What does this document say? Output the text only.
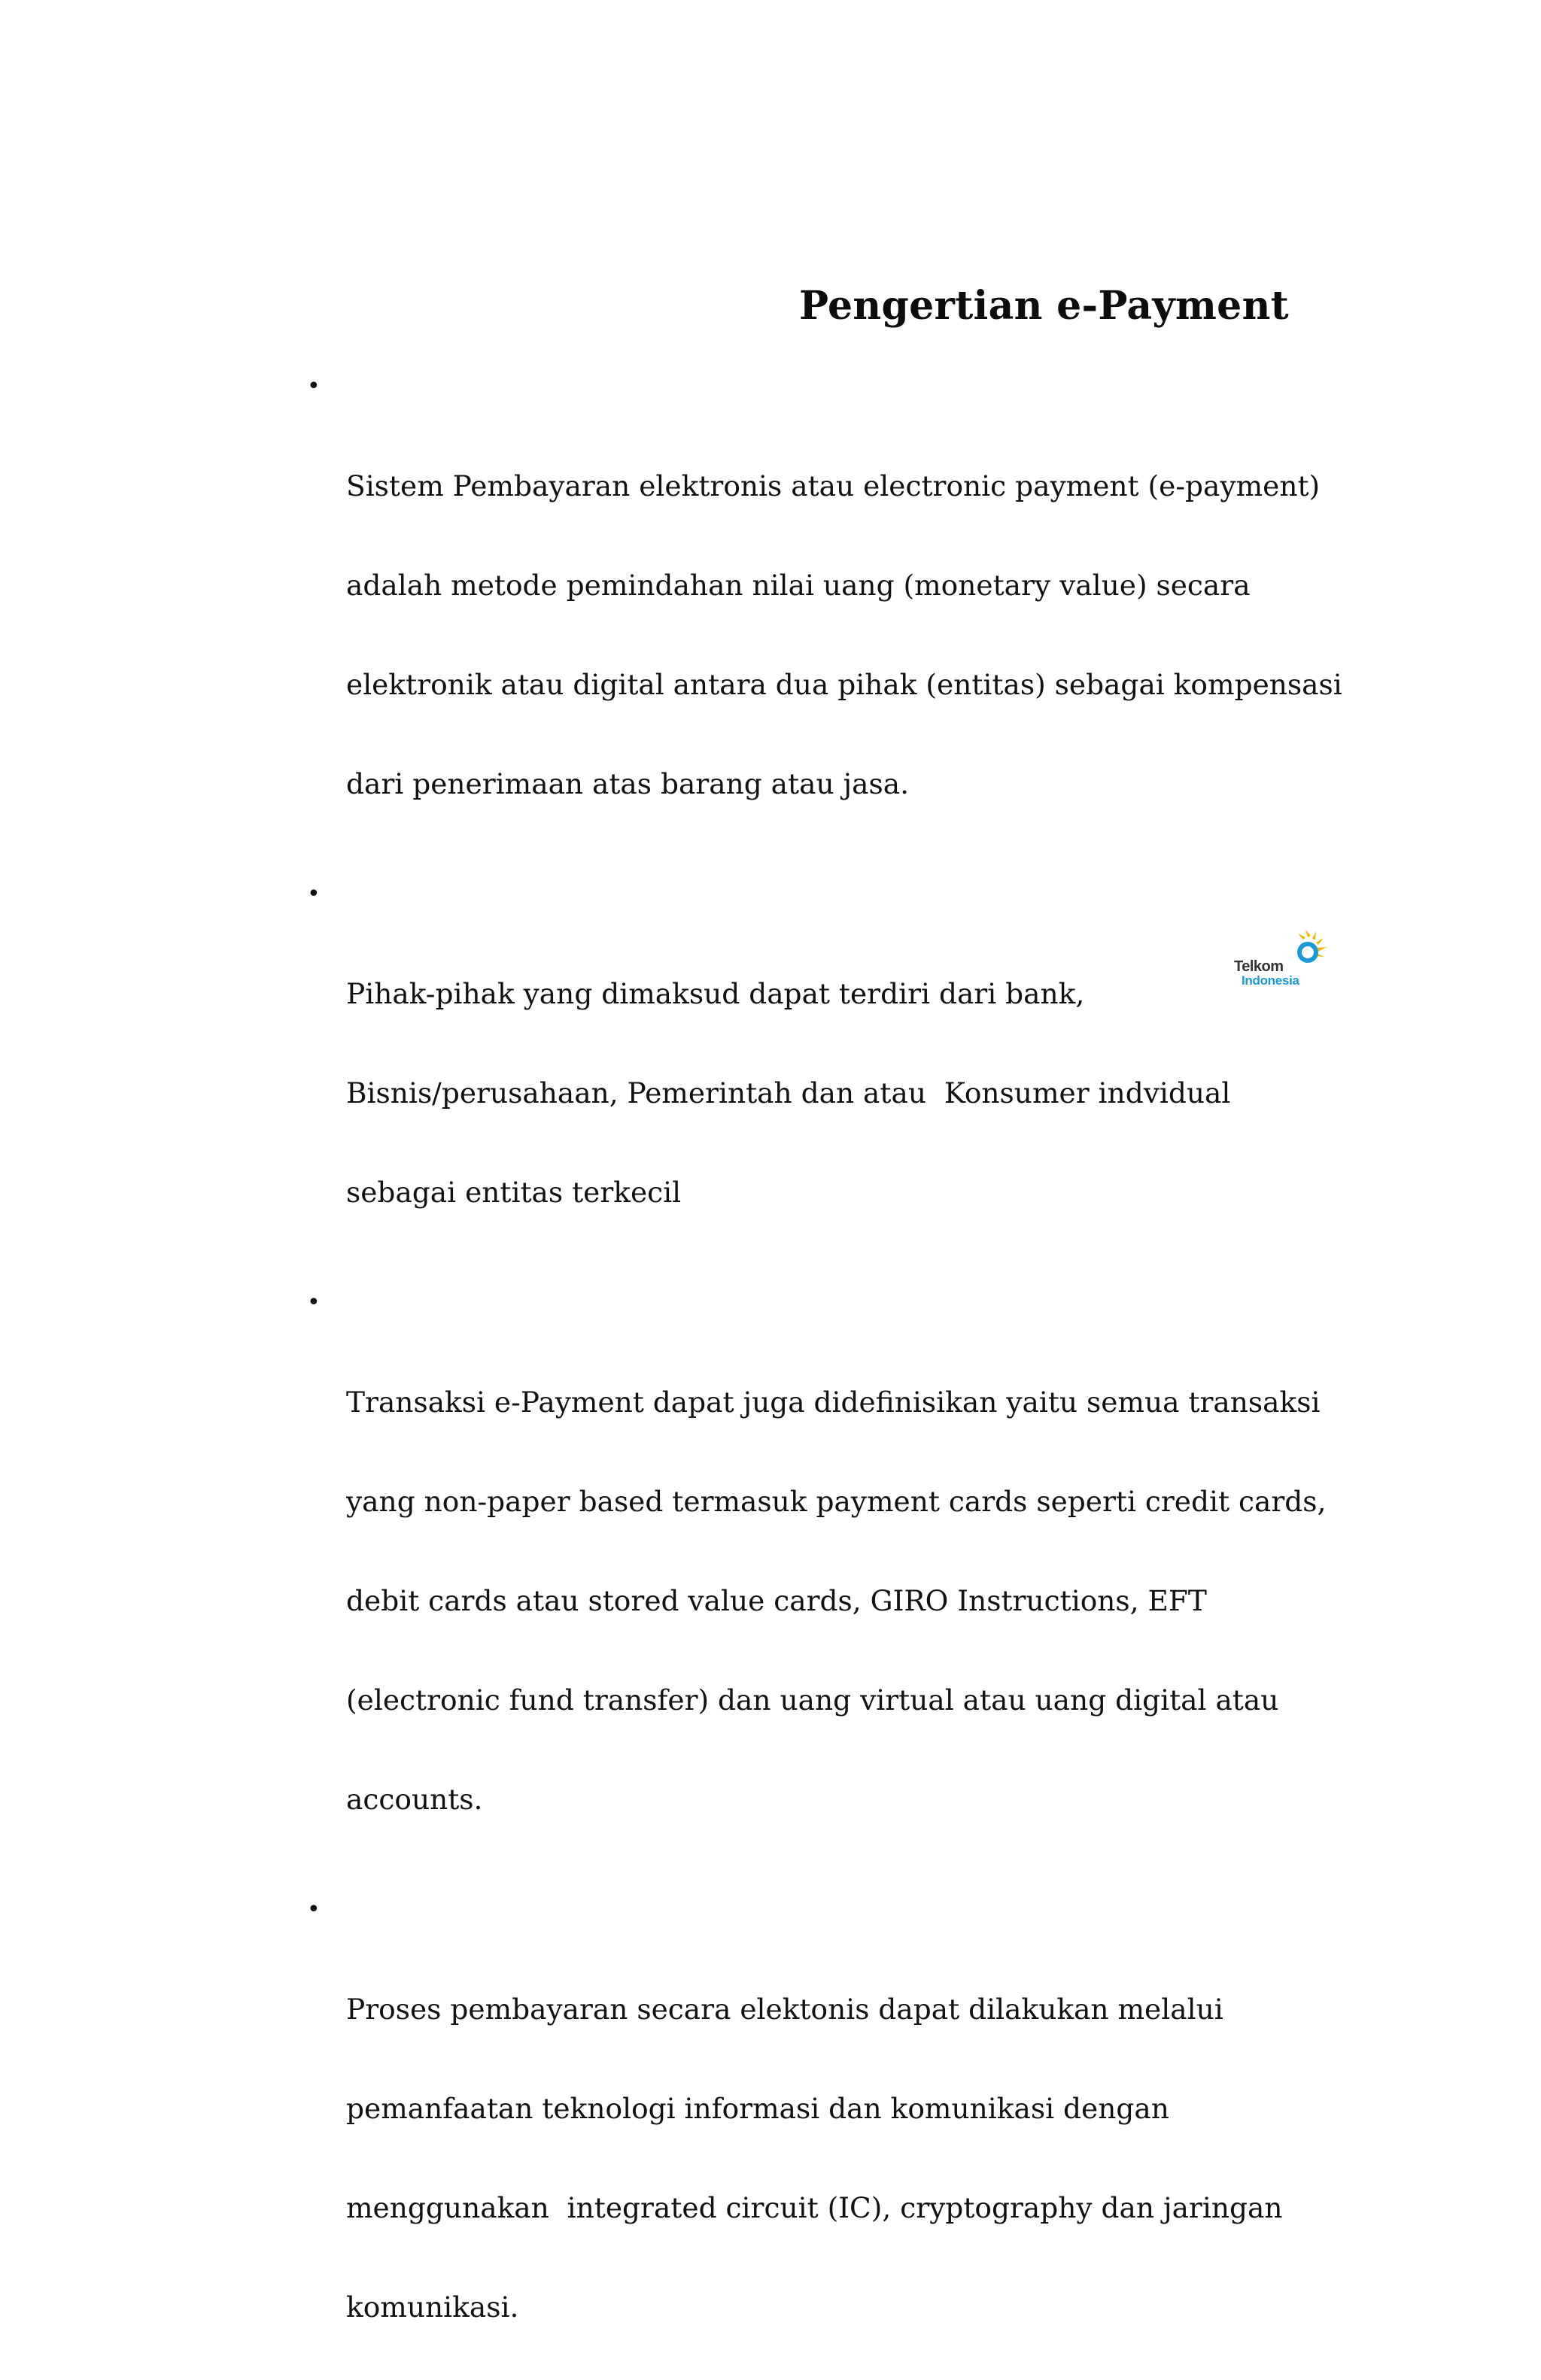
Pengertian e-Payment

•

Sistem Pembayaran elektronis atau electronic payment (e-payment)

adalah metode pemindahan nilai uang (monetary value) secara

elektronik atau digital antara dua pihak (entitas) sebagai kompensasi

dari penerimaan atas barang atau jasa.

•

Pihak-pihak yang dimaksud dapat terdiri dari bank,

Bisnis/perusahaan, Pemerintah dan atau  Konsumer indvidual

sebagai entitas terkecil

•

Transaksi e-Payment dapat juga didefinisikan yaitu semua transaksi

yang non-paper based termasuk payment cards seperti credit cards,

debit cards atau stored value cards, GIRO Instructions, EFT

(electronic fund transfer) dan uang virtual atau uang digital atau

accounts.

•

Proses pembayaran secara elektonis dapat dilakukan melalui

pemanfaatan teknologi informasi dan komunikasi dengan

menggunakan  integrated circuit (IC), cryptography dan jaringan

komunikasi.

Telkom
Indonesia
